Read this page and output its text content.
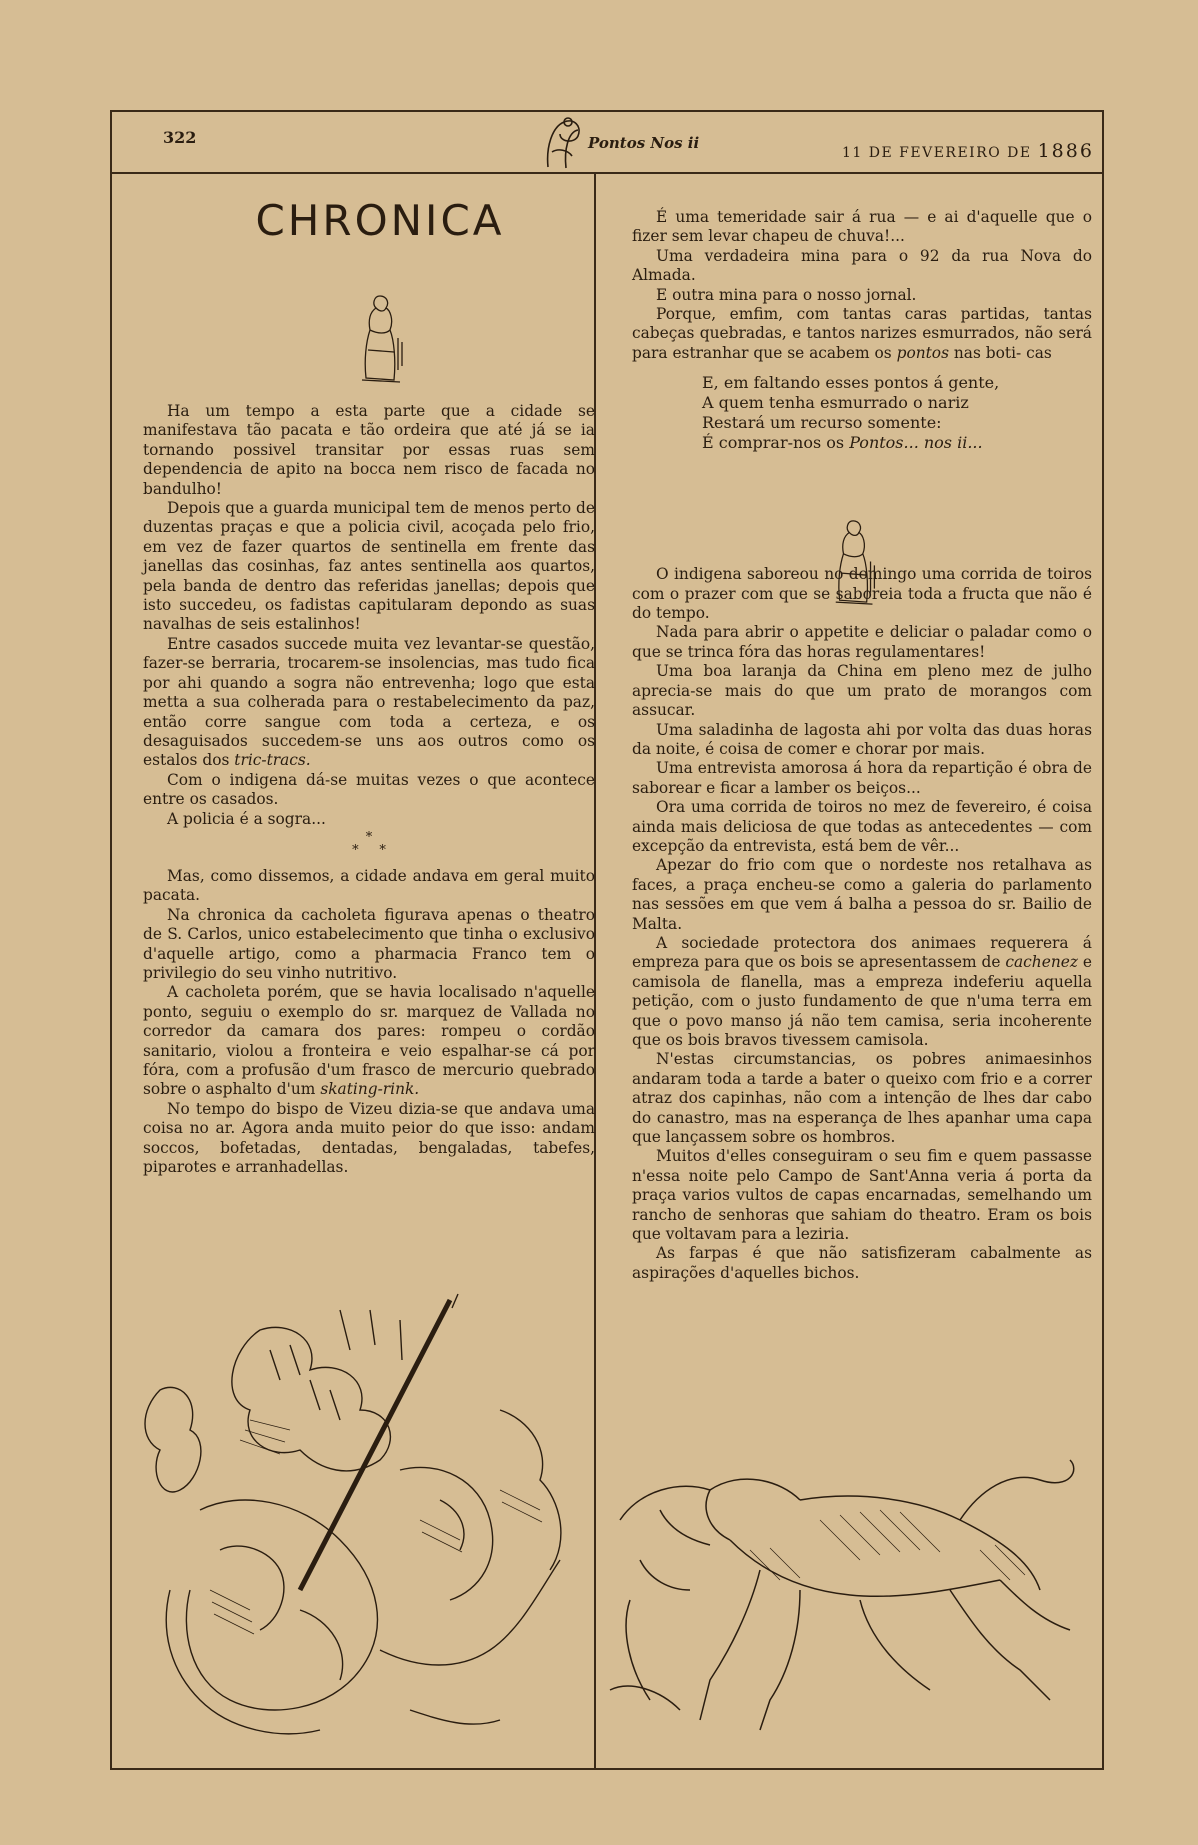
322	Pontos Nos ii
11 DE FEVEREIRO DE 1886
CHRONICA

Ha um tempo a esta parte que a cidade se manifestava tão pacata e tão ordeira que até já se ia tornando possivel transitar por essas ruas sem dependencia de apito na bocca nem risco de facada no bandulho!

Depois que a guarda municipal tem de menos perto de duzentas praças e que a policia civil, acoçada pelo frio, em vez de fazer quartos de sentinella em frente das janellas das cosinhas, faz antes sentinella aos quartos, pela banda de dentro das referidas janellas; depois que isto succedeu, os fadistas capitularam depondo as suas navalhas de seis estalinhos!

Entre casados succede muita vez levantar-se questão, fazer-se berraria, trocarem-se insolencias, mas tudo fica por ahi quando a sogra não entrevenha; logo que esta metta a sua colherada para o restabelecimento da paz, então corre sangue com toda a certeza, e os desaguisados succedem-se uns aos outros como os estalos dos tric-tracs.

Com o indigena dá-se muitas vezes o que acontece entre os casados.

A policia é a sogra...

*
* *

Mas, como dissemos, a cidade andava em geral muito pacata.

Na chronica da cacholeta figurava apenas o theatro de S. Carlos, unico estabelecimento que tinha o exclusivo d'aquelle artigo, como a pharmacia Franco tem o privilegio do seu vinho nutritivo.

A cacholeta porém, que se havia localisado n'aquelle ponto, seguiu o exemplo do sr. marquez de Vallada no corredor da camara dos pares: rompeu o cordão sanitario, violou a fronteira e veio espalhar-se cá por fóra, com a profusão d'um frasco de mercurio quebrado sobre o asphalto d'um skating-rink.

No tempo do bispo de Vizeu dizia-se que andava uma coisa no ar. Agora anda muito peior do que isso: andam soccos, bofetadas, dentadas, bengaladas, tabefes, piparotes e arranhadellas.

É uma temeridade sair á rua — e ai d'aquelle que o fizer sem levar chapeu de chuva!...

Uma verdadeira mina para o 92 da rua Nova do Almada.

E outra mina para o nosso jornal.

Porque, emfim, com tantas caras partidas, tantas cabeças quebradas, e tantos narizes esmurrados, não será para estranhar que se acabem os pontos nas boti- cas

E, em faltando esses pontos á gente,
A quem tenha esmurrado o nariz
Restará um recurso somente:
É comprar-nos os Pontos... nos ii...

O indigena saboreou no domingo uma corrida de toiros com o prazer com que se saboreia toda a fructa que não é do tempo.

Nada para abrir o appetite e deliciar o paladar como o que se trinca fóra das horas regulamentares!

Uma boa laranja da China em pleno mez de julho aprecia-se mais do que um prato de morangos com assucar.

Uma saladinha de lagosta ahi por volta das duas horas da noite, é coisa de comer e chorar por mais.

Uma entrevista amorosa á hora da repartição é obra de saborear e ficar a lamber os beiços...

Ora uma corrida de toiros no mez de fevereiro, é coisa ainda mais deliciosa de que todas as antecedentes — com excepção da entrevista, está bem de vêr...

Apezar do frio com que o nordeste nos retalhava as faces, a praça encheu-se como a galeria do parlamento nas sessões em que vem á balha a pessoa do sr. Bailio de Malta.

A sociedade protectora dos animaes requerera á empreza para que os bois se apresentassem de cachenez e camisola de flanella, mas a empreza indeferiu aquella petição, com o justo fundamento de que n'uma terra em que o povo manso já não tem camisa, seria incoherente que os bois bravos tivessem camisola.

N'estas circumstancias, os pobres animaesinhos andaram toda a tarde a bater o queixo com frio e a correr atraz dos capinhas, não com a intenção de lhes dar cabo do canastro, mas na esperança de lhes apanhar uma capa que lançassem sobre os hombros.

Muitos d'elles conseguiram o seu fim e quem passasse n'essa noite pelo Campo de Sant'Anna veria á porta da praça varios vultos de capas encarnadas, semelhando um rancho de senhoras que sahiam do theatro. Eram os bois que voltavam para a leziria.

As farpas é que não satisfizeram cabalmente as aspirações d'aquelles bichos.
